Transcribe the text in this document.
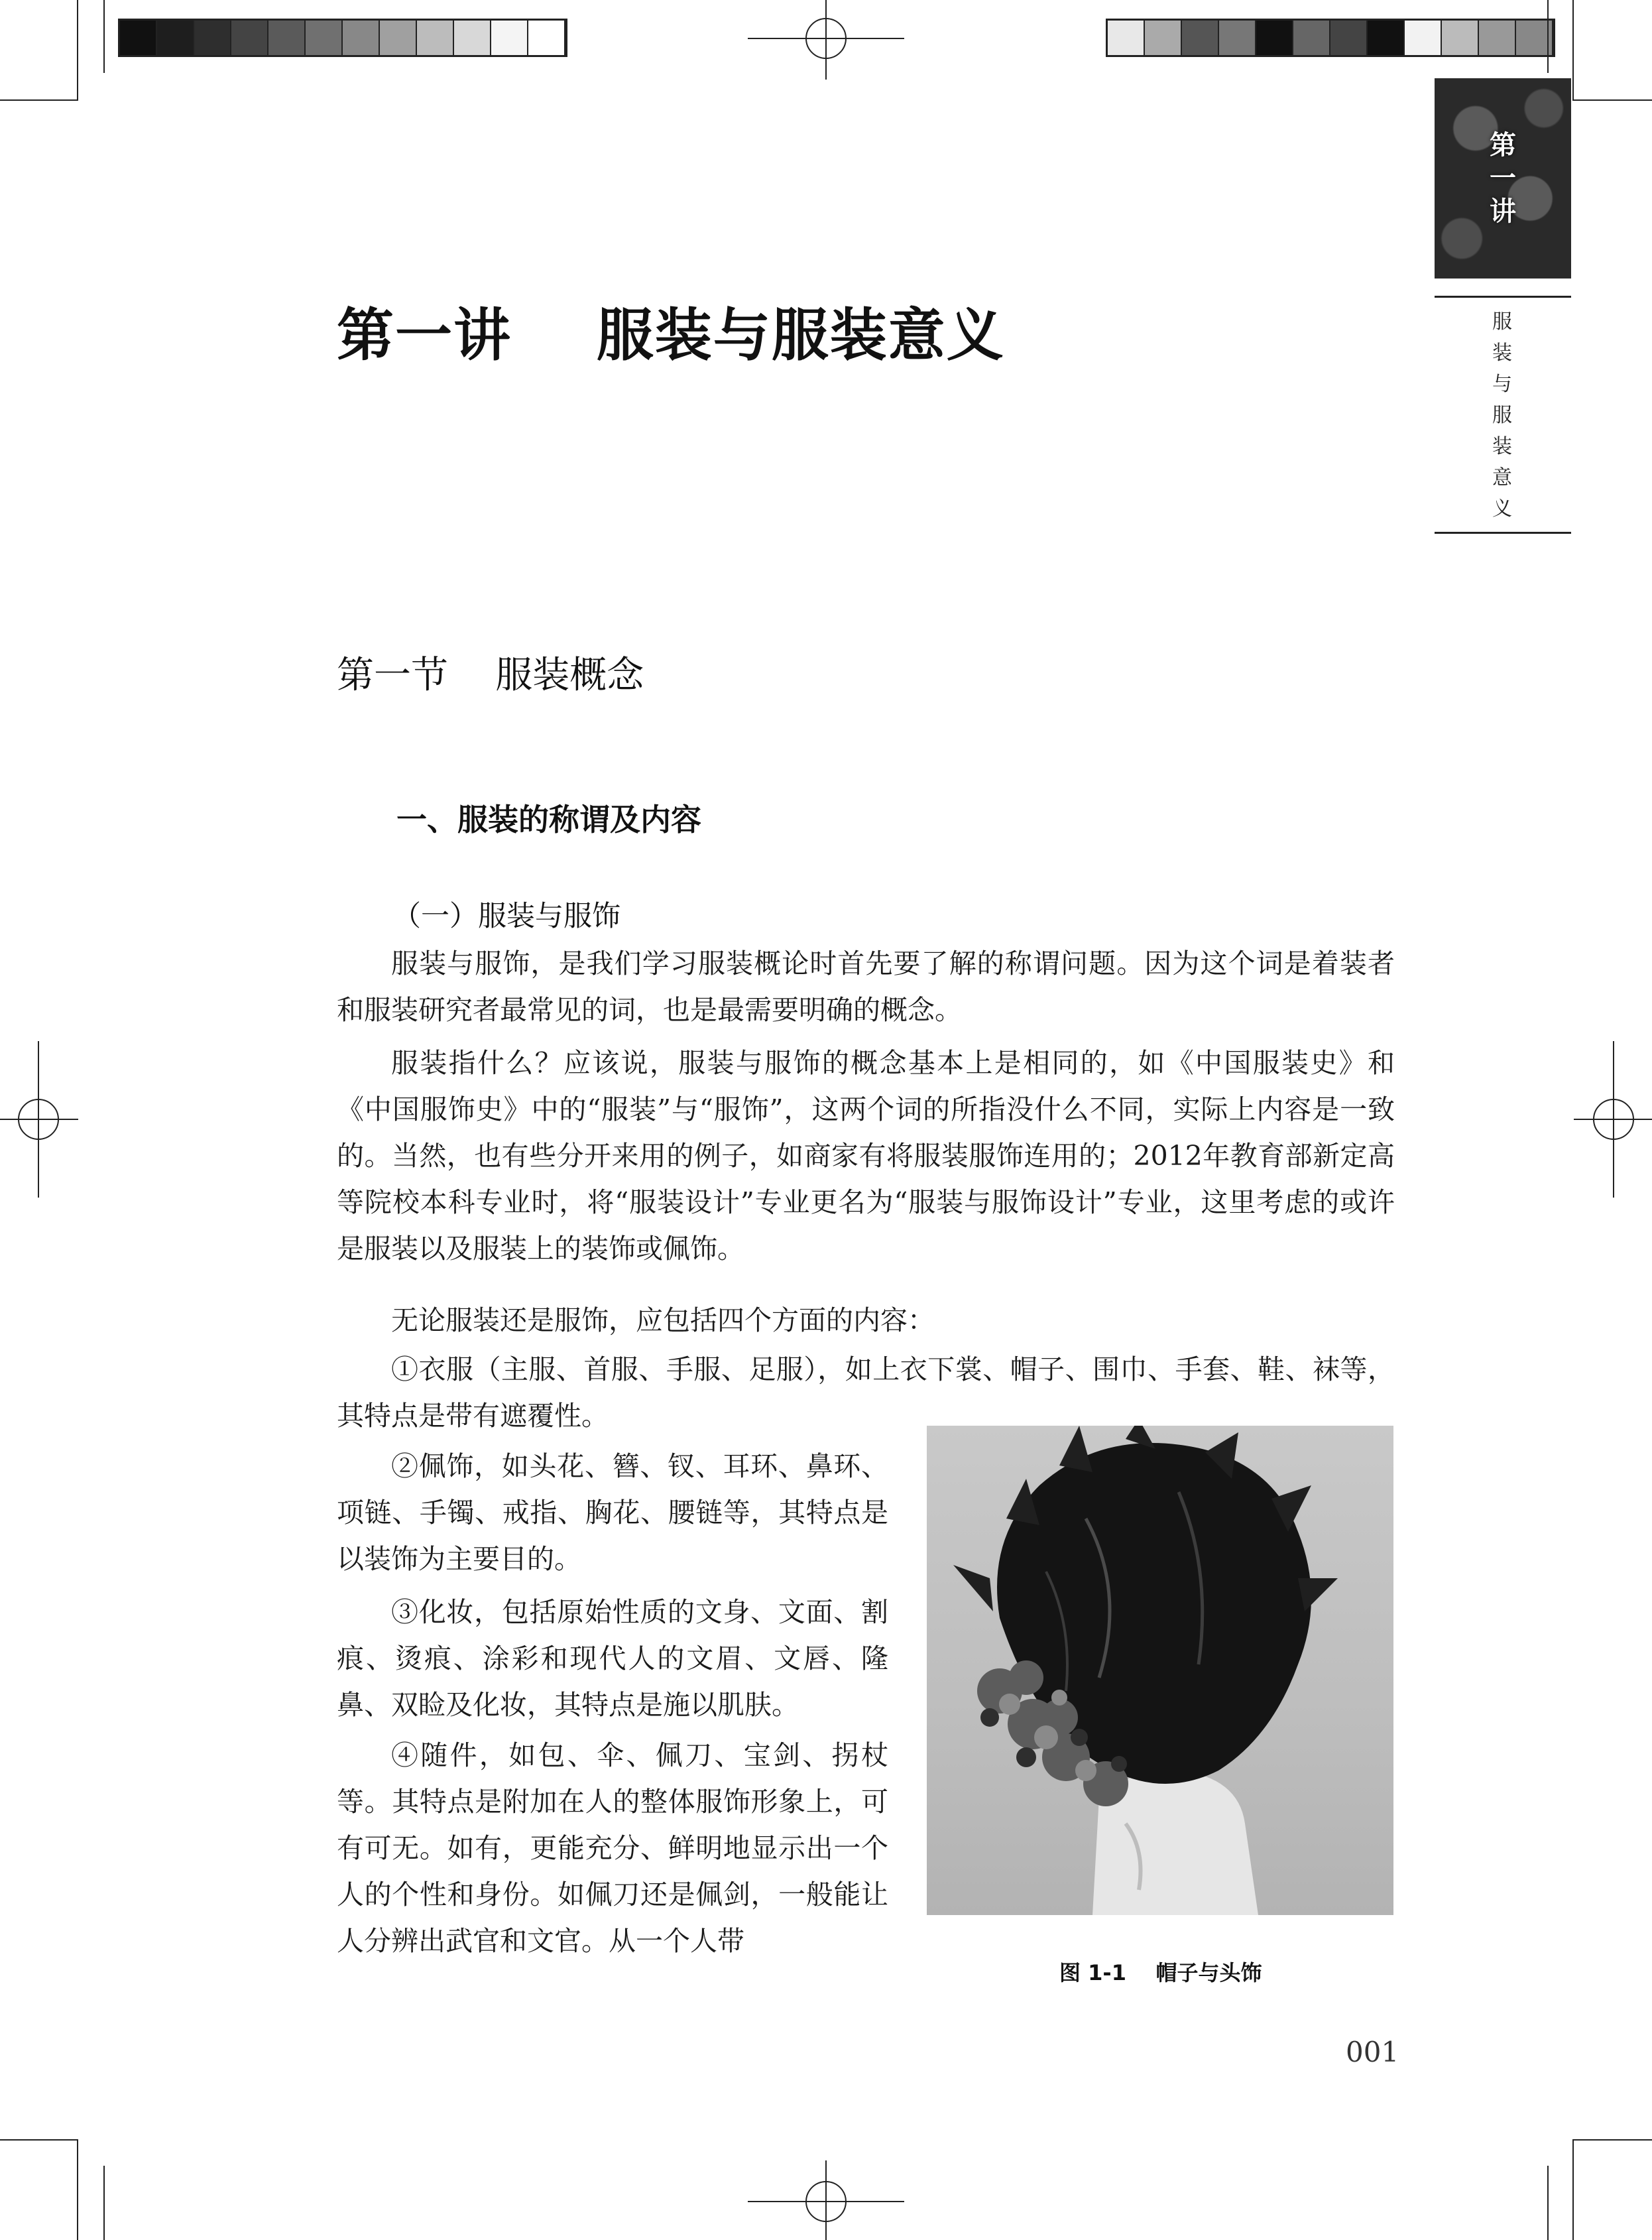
第
一
讲
服
装
与
服
装
意
义
第一讲    服装与服装意义
第一节    服装概念
一、服装的称谓及内容
（一）服装与服饰
服装与服饰，是我们学习服装概论时首先要了解的称谓问题。因为这个词是着装者和服装研究者最常见的词，也是最需要明确的概念。
服装指什么？应该说，服装与服饰的概念基本上是相同的，如《中国服装史》和《中国服饰史》中的“服装”与“服饰”，这两个词的所指没什么不同，实际上内容是一致的。当然，也有些分开来用的例子，如商家有将服装服饰连用的；2012年教育部新定高等院校本科专业时，将“服装设计”专业更名为“服装与服饰设计”专业，这里考虑的或许是服装以及服装上的装饰或佩饰。
无论服装还是服饰，应包括四个方面的内容：
①衣服（主服、首服、手服、足服），如上衣下裳、帽子、围巾、手套、鞋、袜等，其特点是带有遮覆性。
②佩饰，如头花、簪、钗、耳环、鼻环、项链、手镯、戒指、胸花、腰链等，其特点是以装饰为主要目的。
③化妆，包括原始性质的文身、文面、割痕、烫痕、涂彩和现代人的文眉、文唇、隆鼻、双睑及化妆，其特点是施以肌肤。
④随件，如包、伞、佩刀、宝剑、拐杖等。其特点是附加在人的整体服饰形象上，可有可无。如有，更能充分、鲜明地显示出一个人的个性和身份。如佩刀还是佩剑，一般能让人分辨出武官和文官。从一个人带
图 1-1    帽子与头饰
001
